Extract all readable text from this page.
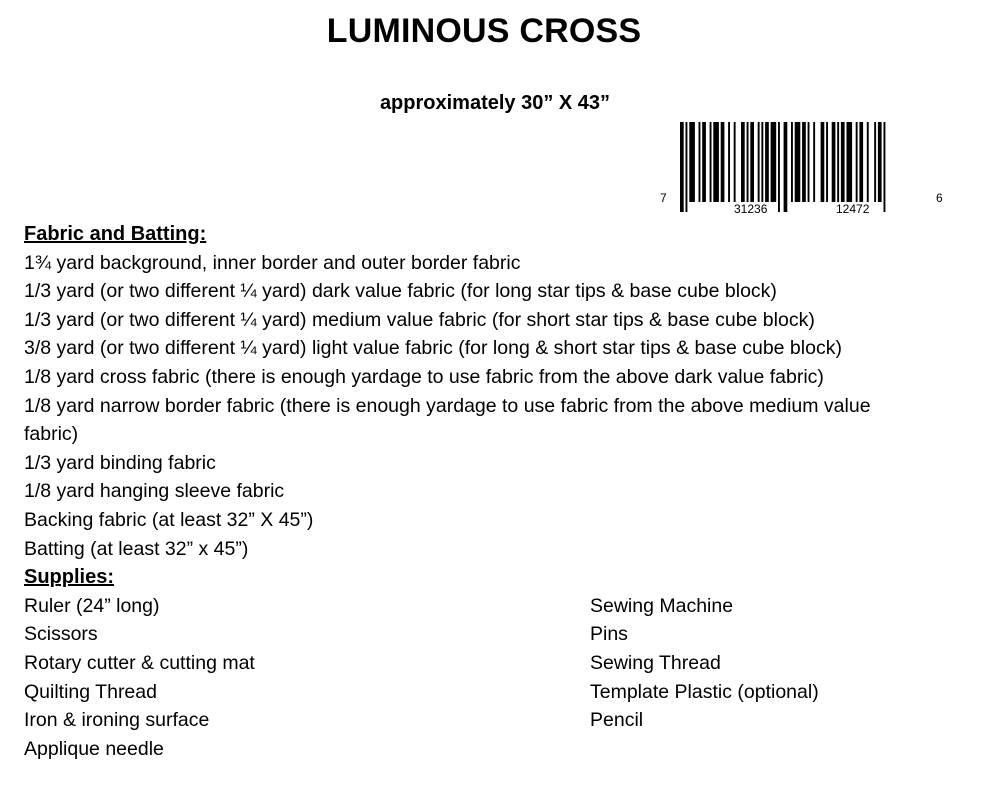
LUMINOUS CROSS
approximately 30” X 43”
7
31236	12472
6
Fabric and Batting:
1¾ yard background, inner border and outer border fabric
1/3 yard (or two different ¼ yard) dark value fabric (for long star tips & base cube block)
1/3 yard (or two different ¼ yard) medium value fabric (for short star tips & base cube block)
3/8 yard (or two different ¼ yard) light value fabric (for long & short star tips & base cube block)
1/8 yard cross fabric (there is enough yardage to use fabric from the above dark value fabric)
1/8 yard narrow border fabric (there is enough yardage to use fabric from the above medium value fabric)
1/3 yard binding fabric
1/8 yard hanging sleeve fabric
Backing fabric (at least 32” X 45”)
Batting (at least 32” x 45”)
Supplies:
Ruler (24” long)
Scissors
Rotary cutter & cutting mat
Quilting Thread
Iron & ironing surface
Applique needle
Sewing Machine
Pins
Sewing Thread
Template Plastic (optional)
Pencil
